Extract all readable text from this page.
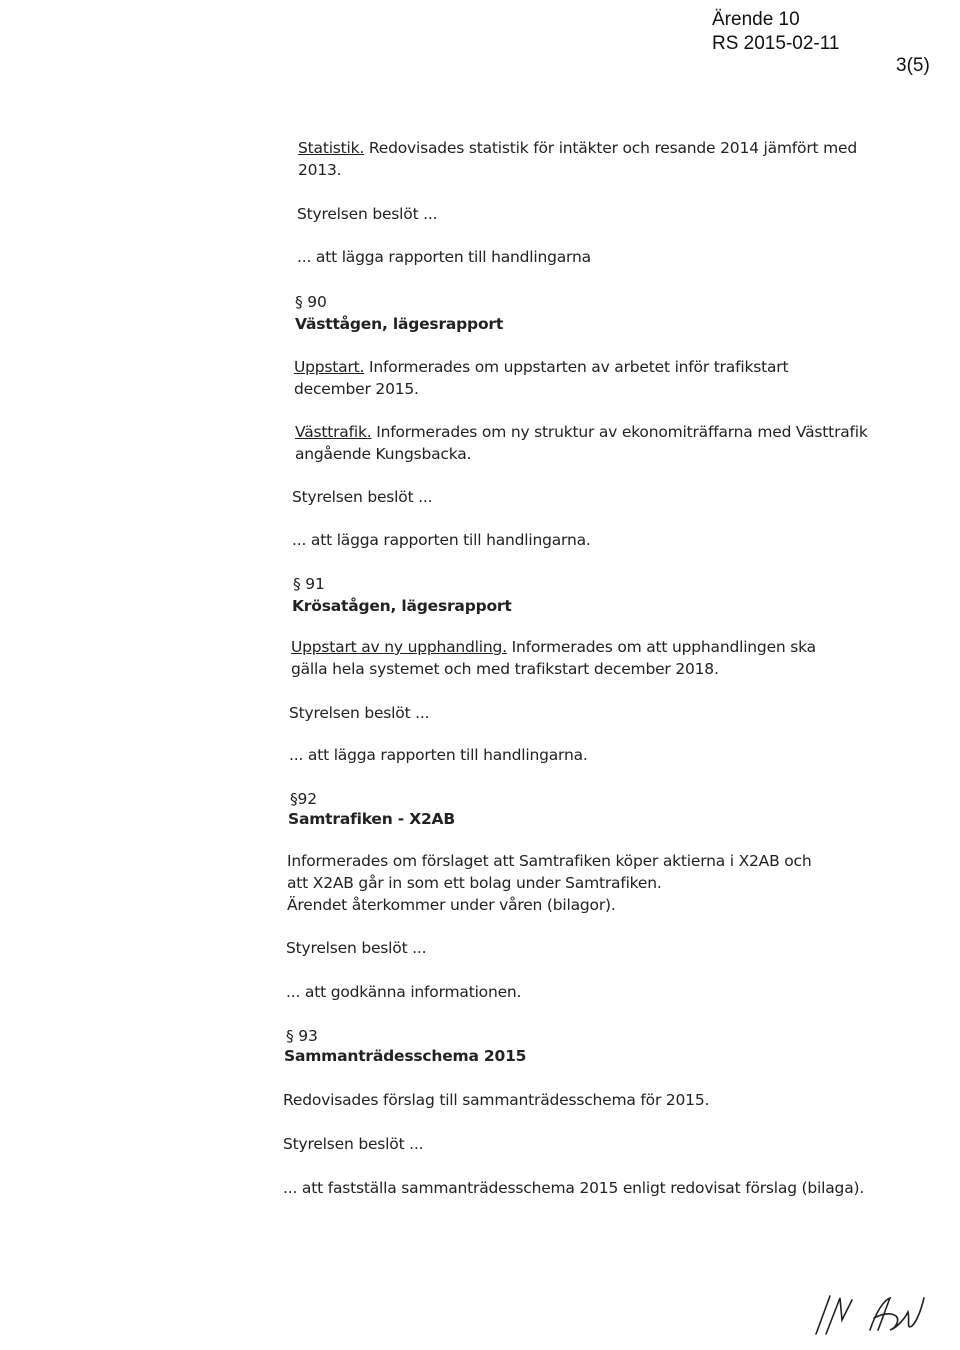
Ärende 10
RS 2015-02-11
3(5)
Statistik. Redovisades statistik för intäkter och resande 2014 jämfört med
2013.
Styrelsen beslöt ...
... att lägga rapporten till handlingarna
§ 90
Västtågen, lägesrapport
Uppstart. Informerades om uppstarten av arbetet inför trafikstart
december 2015.
Västtrafik. Informerades om ny struktur av ekonomiträffarna med Västtrafik
angående Kungsbacka.
Styrelsen beslöt ...
... att lägga rapporten till handlingarna.
§ 91
Krösatågen, lägesrapport
Uppstart av ny upphandling. Informerades om att upphandlingen ska
gälla hela systemet och med trafikstart december 2018.
Styrelsen beslöt ...
... att lägga rapporten till handlingarna.
§92
Samtrafiken - X2AB
Informerades om förslaget att Samtrafiken köper aktierna i X2AB och
att X2AB går in som ett bolag under Samtrafiken.
Ärendet återkommer under våren (bilagor).
Styrelsen beslöt ...
... att godkänna informationen.
§ 93
Sammanträdesschema 2015
Redovisades förslag till sammanträdesschema för 2015.
Styrelsen beslöt ...
... att fastställa sammanträdesschema 2015 enligt redovisat förslag (bilaga).
